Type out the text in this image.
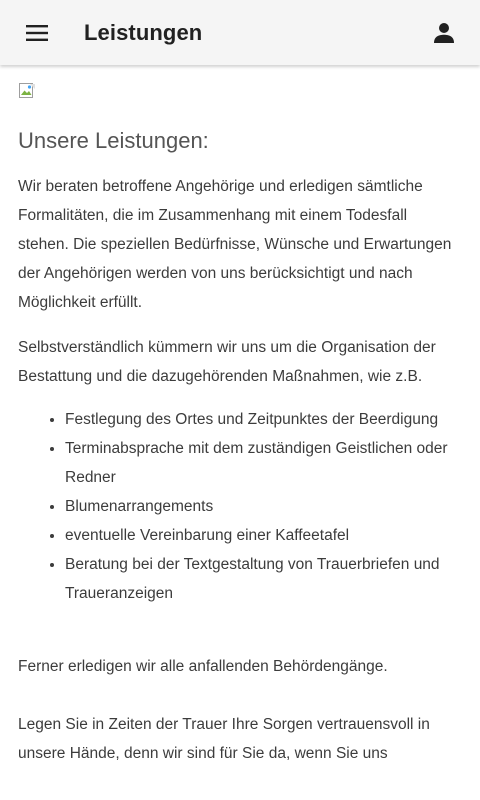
Leistungen
Unsere Leistungen:

Wir beraten betroffene Angehörige und erledigen sämtliche Formalitäten, die im Zusammenhang mit einem Todesfall stehen. Die speziellen Bedürfnisse, Wünsche und Erwartungen der Angehörigen werden von uns berücksichtigt und nach Möglichkeit erfüllt.

Selbstverständlich kümmern wir uns um die Organisation der Bestattung und die dazugehörenden Maßnahmen, wie z.B.

• Festlegung des Ortes und Zeitpunktes der Beerdigung
• Terminabsprache mit dem zuständigen Geistlichen oder Redner
• Blumenarrangements
• eventuelle Vereinbarung einer Kaffeetafel
• Beratung bei der Textgestaltung von Trauerbriefen und Traueranzeigen

Ferner erledigen wir alle anfallenden Behördengänge.

Legen Sie in Zeiten der Trauer Ihre Sorgen vertrauensvoll in unsere Hände, denn wir sind für Sie da, wenn Sie uns
